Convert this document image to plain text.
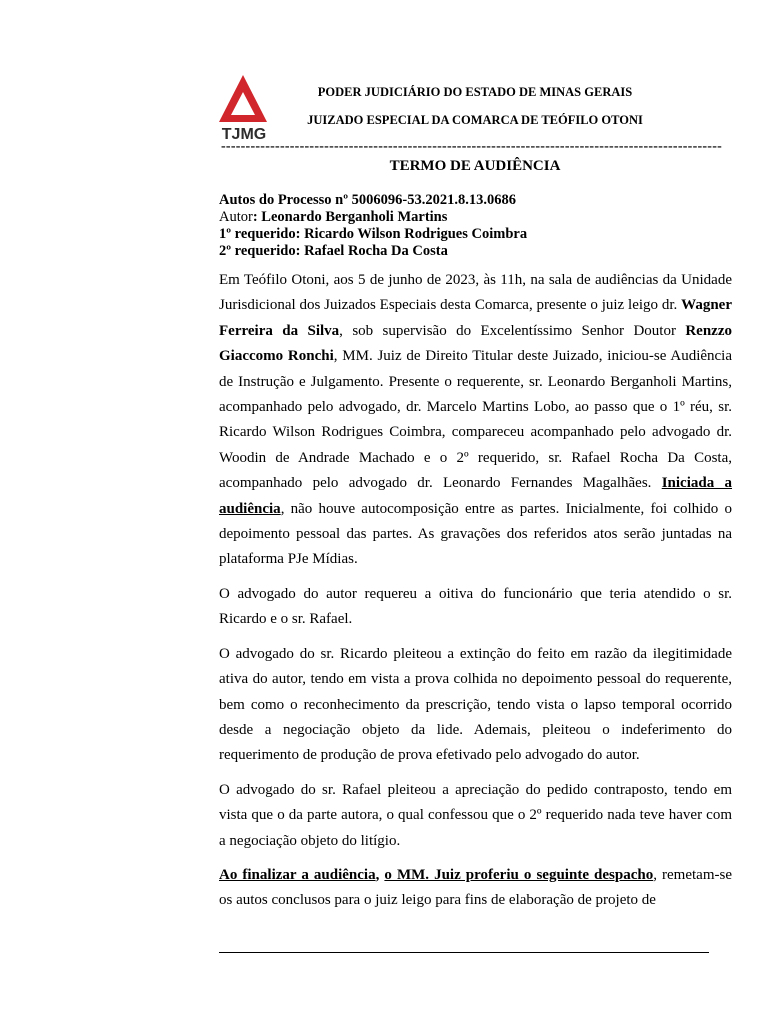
TJMG
PODER JUDICIÁRIO DO ESTADO DE MINAS GERAIS
JUIZADO ESPECIAL DA COMARCA DE TEÓFILO OTONI
------------------------------------------------------------------------------------------------------
TERMO DE AUDIÊNCIA
Autos do Processo nº 5006096-53.2021.8.13.0686
Autor: Leonardo Berganholi Martins
1º requerido: Ricardo Wilson Rodrigues Coimbra
2º requerido: Rafael Rocha Da Costa

Em Teófilo Otoni, aos 5 de junho de 2023, às 11h, na sala de audiências da Unidade Jurisdicional dos Juizados Especiais desta Comarca, presente o juiz leigo dr. Wagner Ferreira da Silva, sob supervisão do Excelentíssimo Senhor Doutor Renzzo Giaccomo Ronchi, MM. Juiz de Direito Titular deste Juizado, iniciou-se Audiência de Instrução e Julgamento. Presente o requerente, sr. Leonardo Berganholi Martins, acompanhado pelo advogado, dr. Marcelo Martins Lobo, ao passo que o 1º réu, sr. Ricardo Wilson Rodrigues Coimbra, compareceu acompanhado pelo advogado dr. Woodin de Andrade Machado e o 2º requerido, sr. Rafael Rocha Da Costa, acompanhado pelo advogado dr. Leonardo Fernandes Magalhães. Iniciada a audiência, não houve autocomposição entre as partes. Inicialmente, foi colhido o depoimento pessoal das partes. As gravações dos referidos atos serão juntadas na plataforma PJe Mídias.

O advogado do autor requereu a oitiva do funcionário que teria atendido o sr. Ricardo e o sr. Rafael.

O advogado do sr. Ricardo pleiteou a extinção do feito em razão da ilegitimidade ativa do autor, tendo em vista a prova colhida no depoimento pessoal do requerente, bem como o reconhecimento da prescrição, tendo vista o lapso temporal ocorrido desde a negociação objeto da lide. Ademais, pleiteou o indeferimento do requerimento de produção de prova efetivado pelo advogado do autor.

O advogado do sr. Rafael pleiteou a apreciação do pedido contraposto, tendo em vista que o da parte autora, o qual confessou que o 2º requerido nada teve haver com a negociação objeto do litígio.

Ao finalizar a audiência, o MM. Juiz proferiu o seguinte despacho, remetam-se os autos conclusos para o juiz leigo para fins de elaboração de projeto de
